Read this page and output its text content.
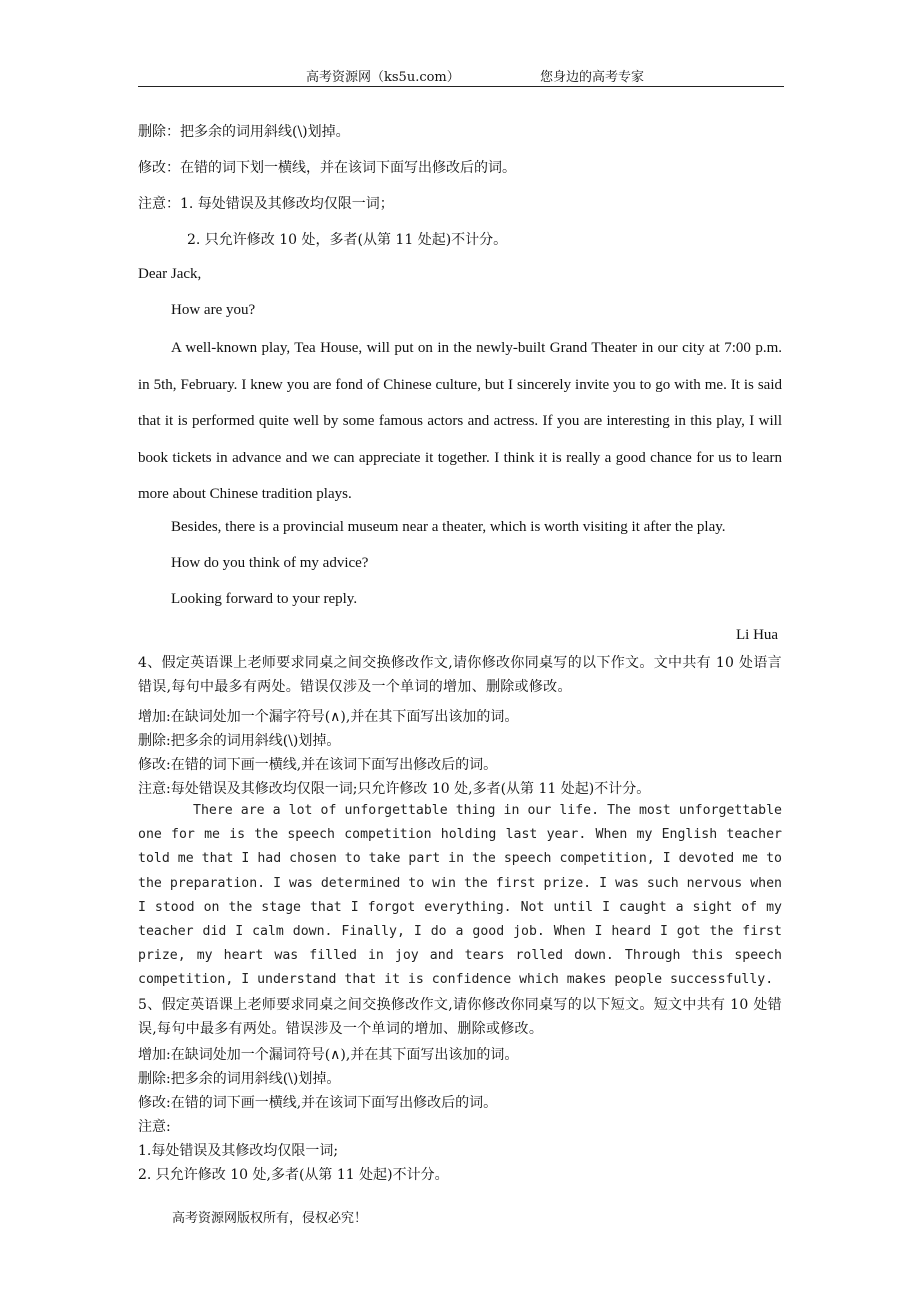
高考资源网（ks5u.com）	您身边的高考专家
删除：把多余的词用斜线(\)划掉。
修改：在错的词下划一横线，并在该词下面写出修改后的词。
注意：1. 每处错误及其修改均仅限一词；
2. 只允许修改 10 处，多者(从第 11 处起)不计分。
Dear Jack,
How are you?
A well-known play, Tea House, will put on in the newly-built Grand Theater in our city at 7:00 p.m. in 5th, February. I knew you are fond of Chinese culture, but I sincerely invite you to go with me. It is said that it is performed quite well by some famous actors and actress. If you are interesting in this play, I will book tickets in advance and we can appreciate it together. I think it is really a good chance for us to learn more about Chinese tradition plays.
Besides, there is a provincial museum near a theater, which is worth visiting it after the play.
How do you think of my advice?
Looking forward to your reply.
Li Hua
4、假定英语课上老师要求同桌之间交换修改作文,请你修改你同桌写的以下作文。文中共有 10 处语言错误,每句中最多有两处。错误仅涉及一个单词的增加、删除或修改。
增加:在缺词处加一个漏字符号(∧),并在其下面写出该加的词。
删除:把多余的词用斜线(\)划掉。
修改:在错的词下画一横线,并在该词下面写出修改后的词。
注意:每处错误及其修改均仅限一词;只允许修改 10 处,多者(从第 11 处起)不计分。
There are a lot of unforgettable thing in our life. The most unforgettable one for me is the speech competition holding last year. When my English teacher told me that I had chosen to take part in the speech competition, I devoted me to the preparation. I was determined to win the first prize. I was such nervous when I stood on the stage that I forgot everything. Not until I caught a sight of my teacher did I calm down. Finally, I do a good job. When I heard I got the first prize, my heart was filled in joy and tears rolled down. Through this speech competition, I understand that it is confidence which makes people successfully.
5、假定英语课上老师要求同桌之间交换修改作文,请你修改你同桌写的以下短文。短文中共有 10 处错误,每句中最多有两处。错误涉及一个单词的增加、删除或修改。
增加:在缺词处加一个漏词符号(∧),并在其下面写出该加的词。
删除:把多余的词用斜线(\)划掉。
修改:在错的词下画一横线,并在该词下面写出修改后的词。
注意:
1.每处错误及其修改均仅限一词;
2. 只允许修改 10 处,多者(从第 11 处起)不计分。
高考资源网版权所有，侵权必究！
